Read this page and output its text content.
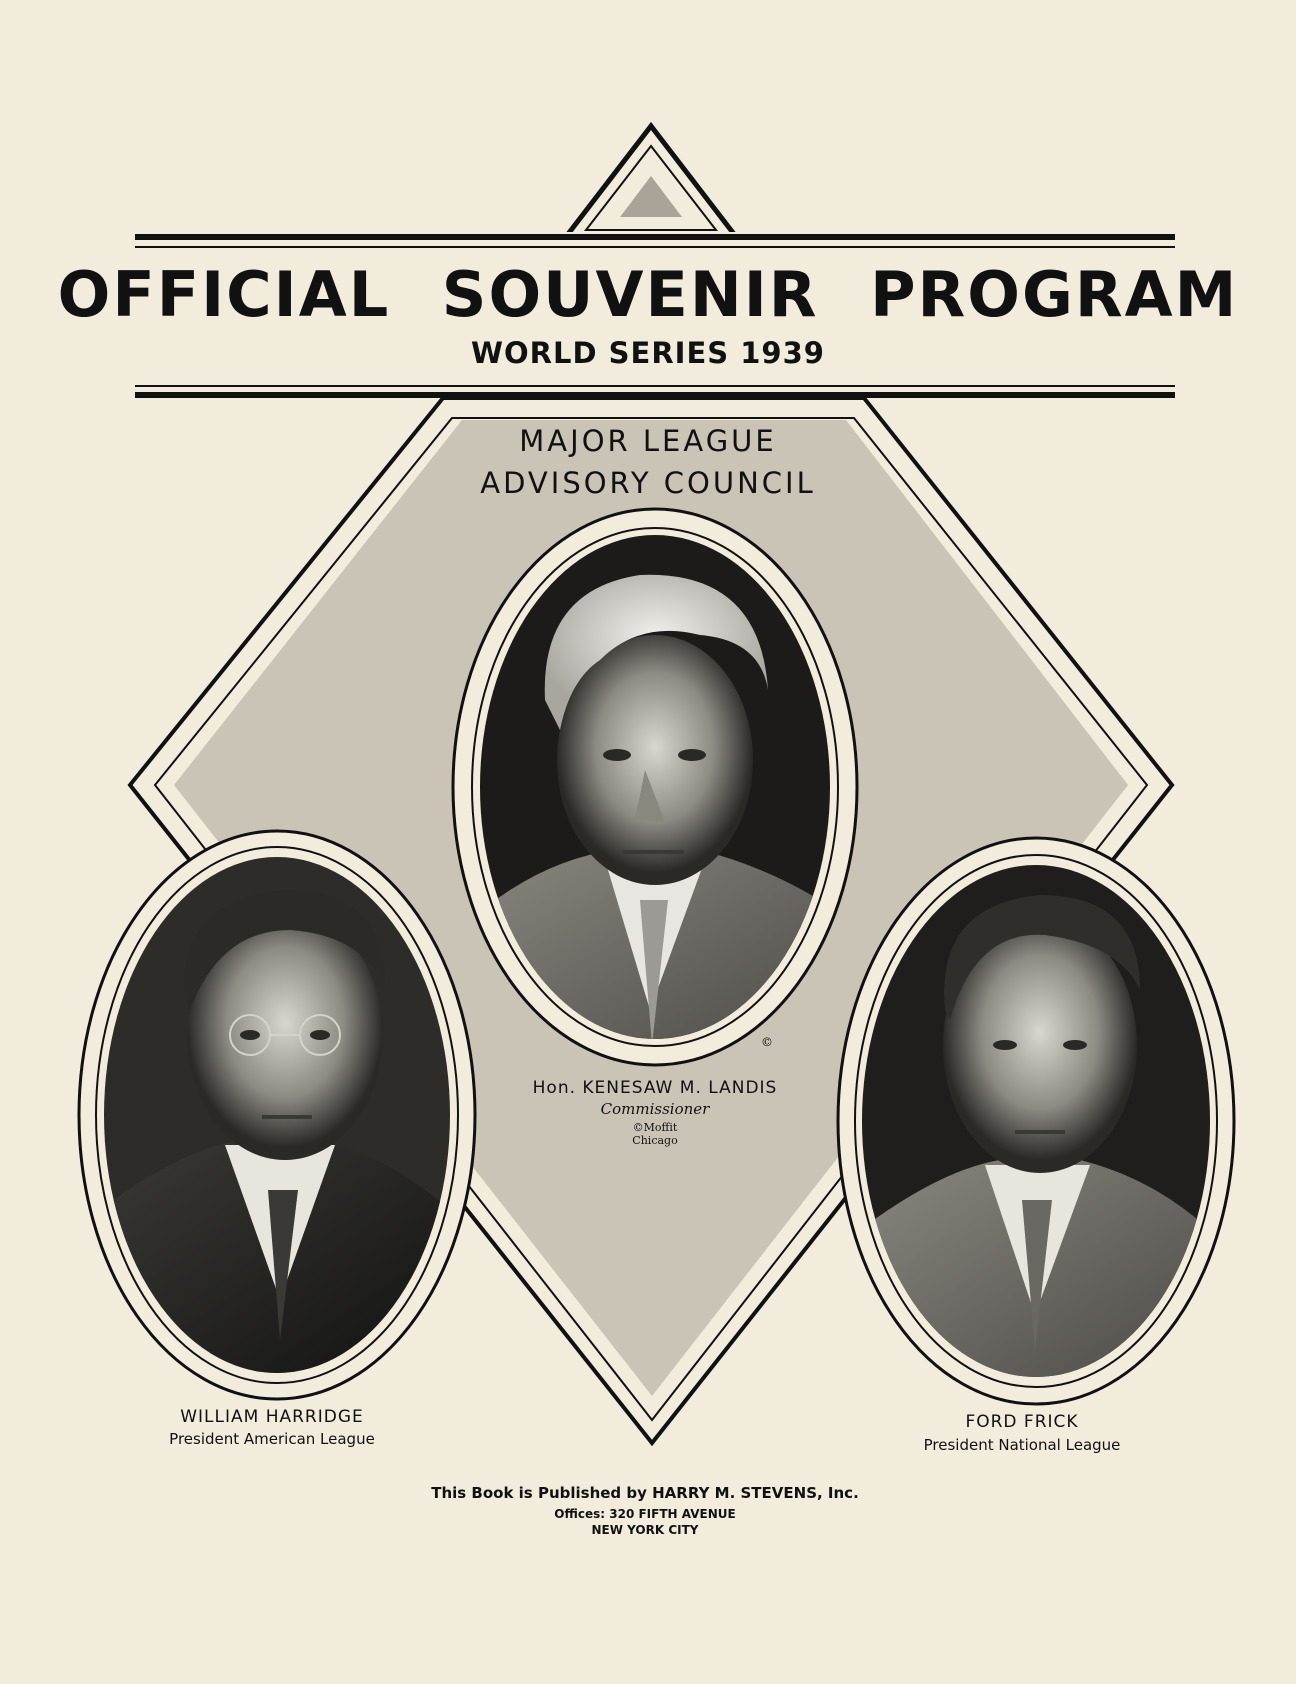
OFFICIAL SOUVENIR PROGRAM
WORLD SERIES 1939
MAJOR LEAGUE
ADVISORY COUNCIL
©
Hon. KENESAW M. LANDIS
Commissioner
©Moffit
Chicago
WILLIAM HARRIDGE
President American League
FORD FRICK
President National League
This Book is Published by HARRY M. STEVENS, Inc.
Offices: 320 FIFTH AVENUE
NEW YORK CITY
